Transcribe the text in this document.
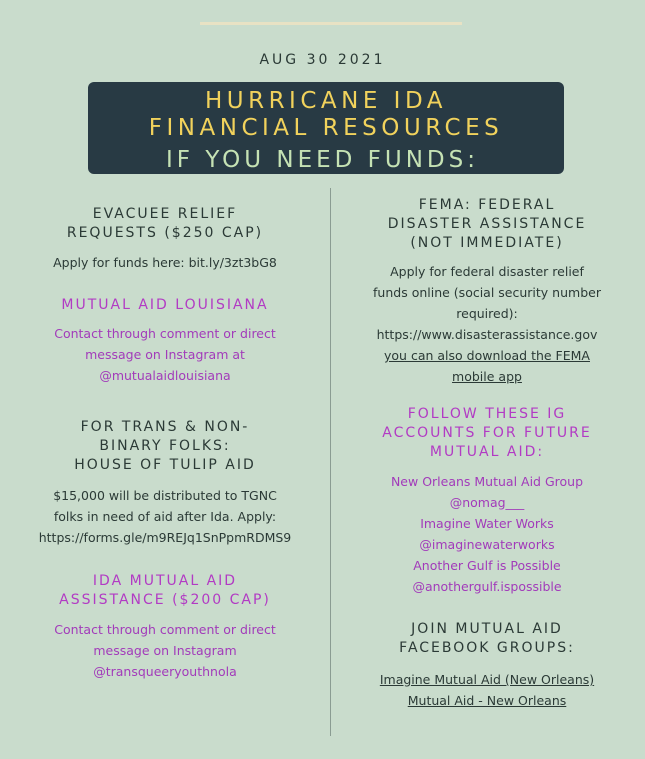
AUG 30 2021
HURRICANE IDA
FINANCIAL RESOURCES
IF YOU NEED FUNDS:
EVACUEE RELIEF
REQUESTS ($250 CAP)
Apply for funds here: bit.ly/3zt3bG8
MUTUAL AID LOUISIANA
Contact through comment or direct
message on Instagram at
@mutualaidlouisiana
FOR TRANS & NON-
BINARY FOLKS:
HOUSE OF TULIP AID
$15,000 will be distributed to TGNC
folks in need of aid after Ida. Apply:
https://forms.gle/m9REJq1SnPpmRDMS9
IDA MUTUAL AID
ASSISTANCE ($200 CAP)
Contact through comment or direct
message on Instagram
@transqueeryouthnola
FEMA: FEDERAL
DISASTER ASSISTANCE
(NOT IMMEDIATE)
Apply for federal disaster relief
funds online (social security number
required):
https://www.disasterassistance.gov
you can also download the FEMA
mobile app
FOLLOW THESE IG
ACCOUNTS FOR FUTURE
MUTUAL AID:
New Orleans Mutual Aid Group
@nomag___
Imagine Water Works
@imaginewaterworks
Another Gulf is Possible
@anothergulf.ispossible
JOIN MUTUAL AID
FACEBOOK GROUPS:
Imagine Mutual Aid (New Orleans)
Mutual Aid - New Orleans
